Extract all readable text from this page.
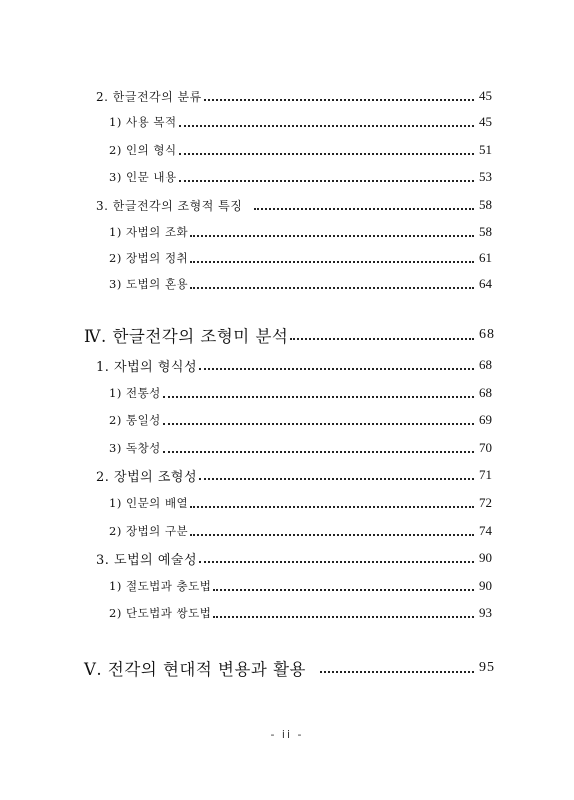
2. 한글전각의 분류	45
1) 사용 목적	45
2) 인의 형식	51
3) 인문 내용	53
3. 한글전각의 조형적 특징	58
1) 자법의 조화	58
2) 장법의 정취	61
3) 도법의 혼용	64
Ⅳ. 한글전각의 조형미 분석	68
1. 자법의 형식성	68
1) 전통성	68
2) 통일성	69
3) 독창성	70
2. 장법의 조형성	71
1) 인문의 배열	72
2) 장법의 구분	74
3. 도법의 예술성	90
1) 절도법과 충도법	90
2) 단도법과 쌍도법	93
Ⅴ. 전각의 현대적 변용과 활용	95
- ii -
